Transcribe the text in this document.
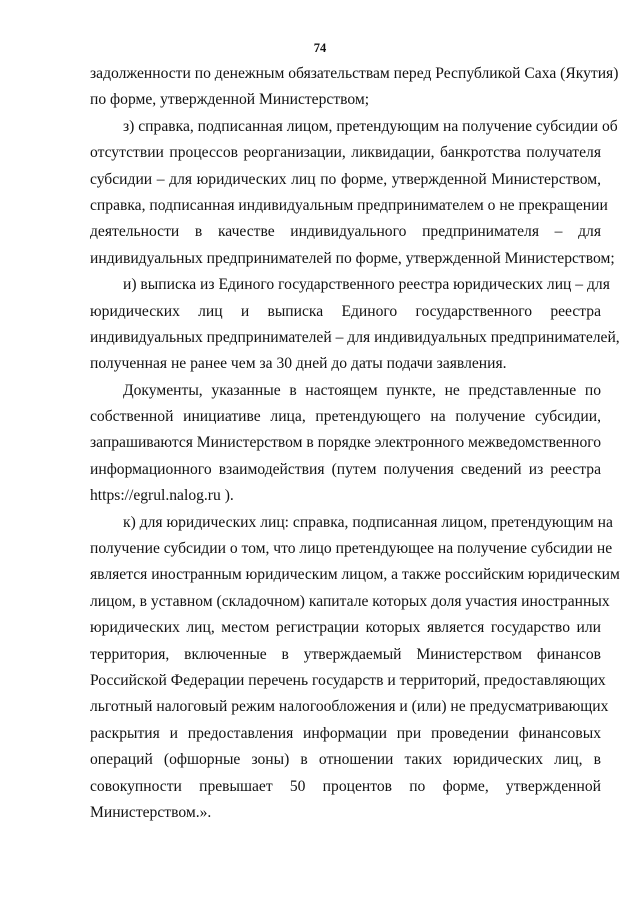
74
задолженности по денежным обязательствам перед Республикой Саха (Якутия)
по форме, утвержденной Министерством;
з) справка, подписанная лицом, претендующим на получение субсидии об
отсутствии процессов реорганизации, ликвидации, банкротства получателя
субсидии – для юридических лиц по форме, утвержденной Министерством,
справка, подписанная индивидуальным предпринимателем о не прекращении
деятельности в качестве индивидуального предпринимателя – для
индивидуальных предпринимателей по форме, утвержденной Министерством;
и) выписка из Единого государственного реестра юридических лиц – для
юридических лиц и выписка Единого государственного реестра
индивидуальных предпринимателей – для индивидуальных предпринимателей,
полученная не ранее чем за 30 дней до даты подачи заявления.
Документы, указанные в настоящем пункте, не представленные по
собственной инициативе лица, претендующего на получение субсидии,
запрашиваются Министерством в порядке электронного межведомственного
информационного взаимодействия (путем получения сведений из реестра
https://egrul.nalog.ru ).
к) для юридических лиц: справка, подписанная лицом, претендующим на
получение субсидии о том, что лицо претендующее на получение субсидии не
является иностранным юридическим лицом, а также российским юридическим
лицом, в уставном (складочном) капитале которых доля участия иностранных
юридических лиц, местом регистрации которых является государство или
территория, включенные в утверждаемый Министерством финансов
Российской Федерации перечень государств и территорий, предоставляющих
льготный налоговый режим налогообложения и (или) не предусматривающих
раскрытия и предоставления информации при проведении финансовых
операций (офшорные зоны) в отношении таких юридических лиц, в
совокупности превышает 50 процентов по форме, утвержденной
Министерством.».
